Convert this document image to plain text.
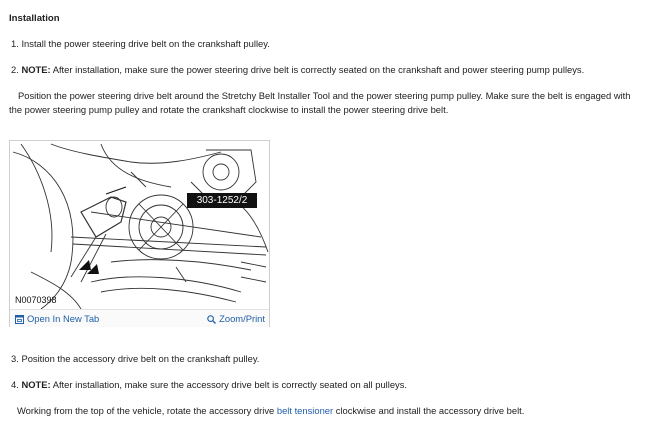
Installation
1. Install the power steering drive belt on the crankshaft pulley.
2. NOTE: After installation, make sure the power steering drive belt is correctly seated on the crankshaft and power steering pump pulleys.
Position the power steering drive belt around the Stretchy Belt Installer Tool and the power steering pump pulley. Make sure the belt is engaged with the power steering pump pulley and rotate the crankshaft clockwise to install the power steering drive belt.
303-1252/2
N0070398
Open In New Tab	Zoom/Print
3. Position the accessory drive belt on the crankshaft pulley.
4. NOTE: After installation, make sure the accessory drive belt is correctly seated on all pulleys.
Working from the top of the vehicle, rotate the accessory drive belt tensioner clockwise and install the accessory drive belt.
